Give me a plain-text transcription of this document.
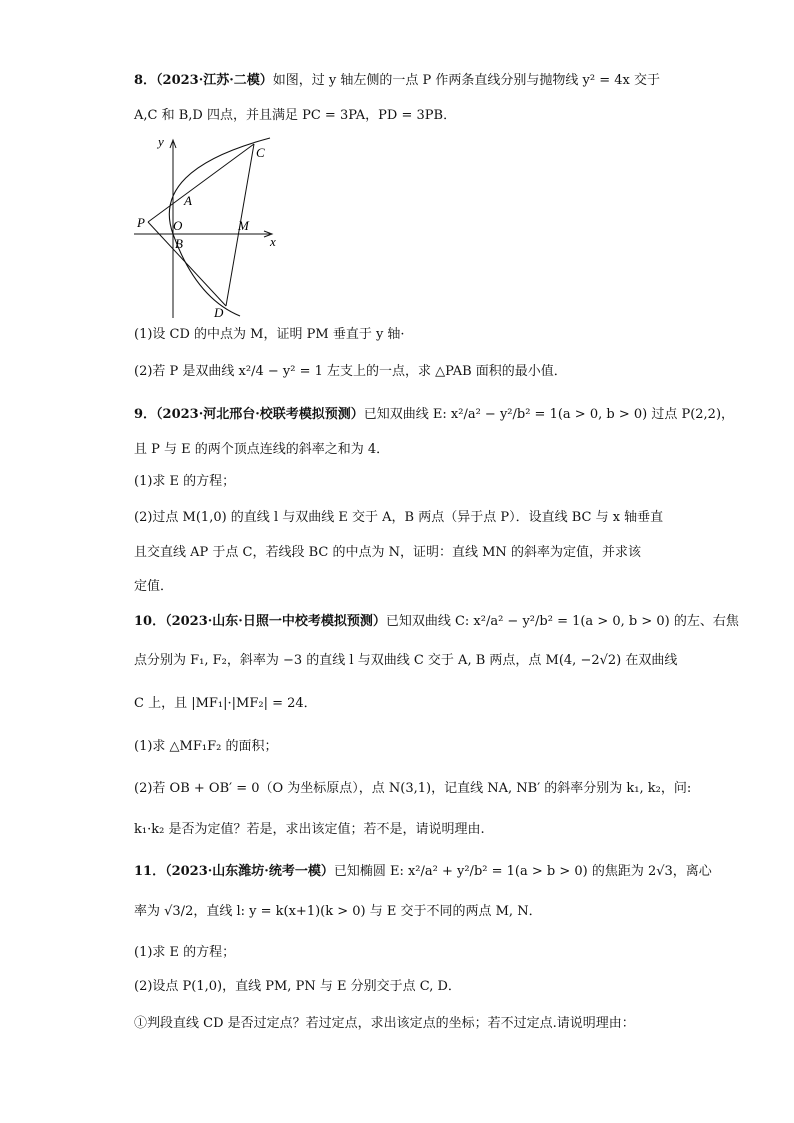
8．（2023·江苏·二模）如图，过 y 轴左侧的一点 P 作两条直线分别与抛物线 y² = 4x 交于
A,C 和 B,D 四点，并且满足 PC = 3PA，PD = 3PB．
y
x
C
A
P O	M
B
D
(1)设 CD 的中点为 M，证明 PM 垂直于 y 轴·
(2)若 P 是双曲线 x²/4 − y² = 1 左支上的一点，求 △PAB 面积的最小值．
9．（2023·河北邢台·校联考模拟预测）已知双曲线 E: x²/a² − y²/b² = 1(a > 0, b > 0) 过点 P(2,2)，
且 P 与 E 的两个顶点连线的斜率之和为 4．
(1)求 E 的方程；
(2)过点 M(1,0) 的直线 l 与双曲线 E 交于 A，B 两点（异于点 P）．设直线 BC 与 x 轴垂直
且交直线 AP 于点 C，若线段 BC 的中点为 N，证明：直线 MN 的斜率为定值，并求该
定值．
10．（2023·山东·日照一中校考模拟预测）已知双曲线 C: x²/a² − y²/b² = 1(a > 0, b > 0) 的左、右焦
点分别为 F₁, F₂，斜率为 −3 的直线 l 与双曲线 C 交于 A, B 两点，点 M(4, −2√2) 在双曲线
C 上，且 |MF₁|·|MF₂| = 24．
(1)求 △MF₁F₂ 的面积；
(2)若 OB + OB′ = 0（O 为坐标原点），点 N(3,1)，记直线 NA, NB′ 的斜率分别为 k₁, k₂，问:
k₁·k₂ 是否为定值？若是，求出该定值；若不是，请说明理由.
11．（2023·山东潍坊·统考一模）已知椭圆 E: x²/a² + y²/b² = 1(a > b > 0) 的焦距为 2√3，离心
率为 √3/2，直线 l: y = k(x+1)(k > 0) 与 E 交于不同的两点 M, N．
(1)求 E 的方程；
(2)设点 P(1,0)，直线 PM, PN 与 E 分别交于点 C, D．
①判段直线 CD 是否过定点？若过定点，求出该定点的坐标；若不过定点.请说明理由：
